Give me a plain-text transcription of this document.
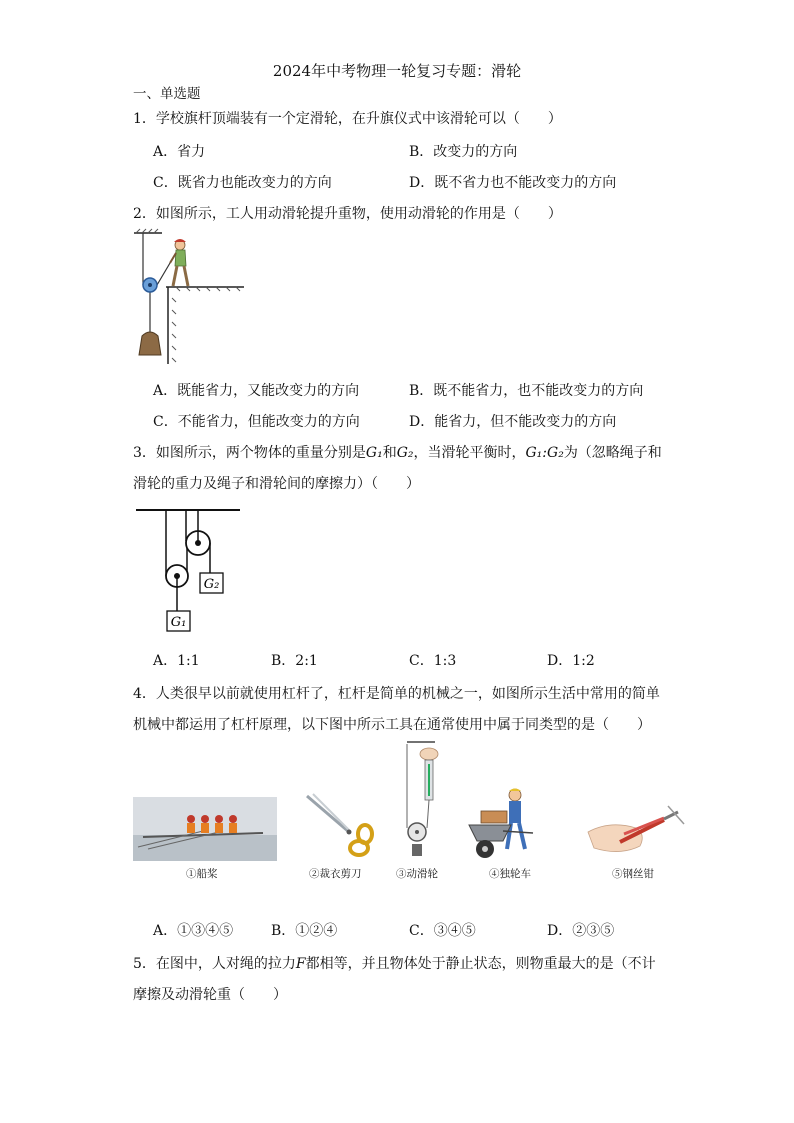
2024年中考物理一轮复习专题：滑轮
一、单选题
1．学校旗杆顶端装有一个定滑轮，在升旗仪式中该滑轮可以（　　）
A．省力	B．改变力的方向
C．既省力也能改变力的方向	D．既不省力也不能改变力的方向
2．如图所示，工人用动滑轮提升重物，使用动滑轮的作用是（　　）
A．既能省力，又能改变力的方向	B．既不能省力，也不能改变力的方向
C．不能省力，但能改变力的方向	D．能省力，但不能改变力的方向
3．如图所示，两个物体的重量分别是G₁和G₂，当滑轮平衡时，G₁:G₂为（忽略绳子和
滑轮的重力及绳子和滑轮间的摩擦力）（　　）
G₂
G₁
A．1:1	B．2:1	C．1:3	D．1:2
4．人类很早以前就使用杠杆了，杠杆是简单的机械之一，如图所示生活中常用的简单
机械中都运用了杠杆原理，以下图中所示工具在通常使用中属于同类型的是（　　）
①船桨	②裁衣剪刀	③动滑轮	④独轮车	⑤钢丝钳
A．①③④⑤	B．①②④	C．③④⑤	D．②③⑤
5．在图中，人对绳的拉力F都相等，并且物体处于静止状态，则物重最大的是（不计
摩擦及动滑轮重（　　）
